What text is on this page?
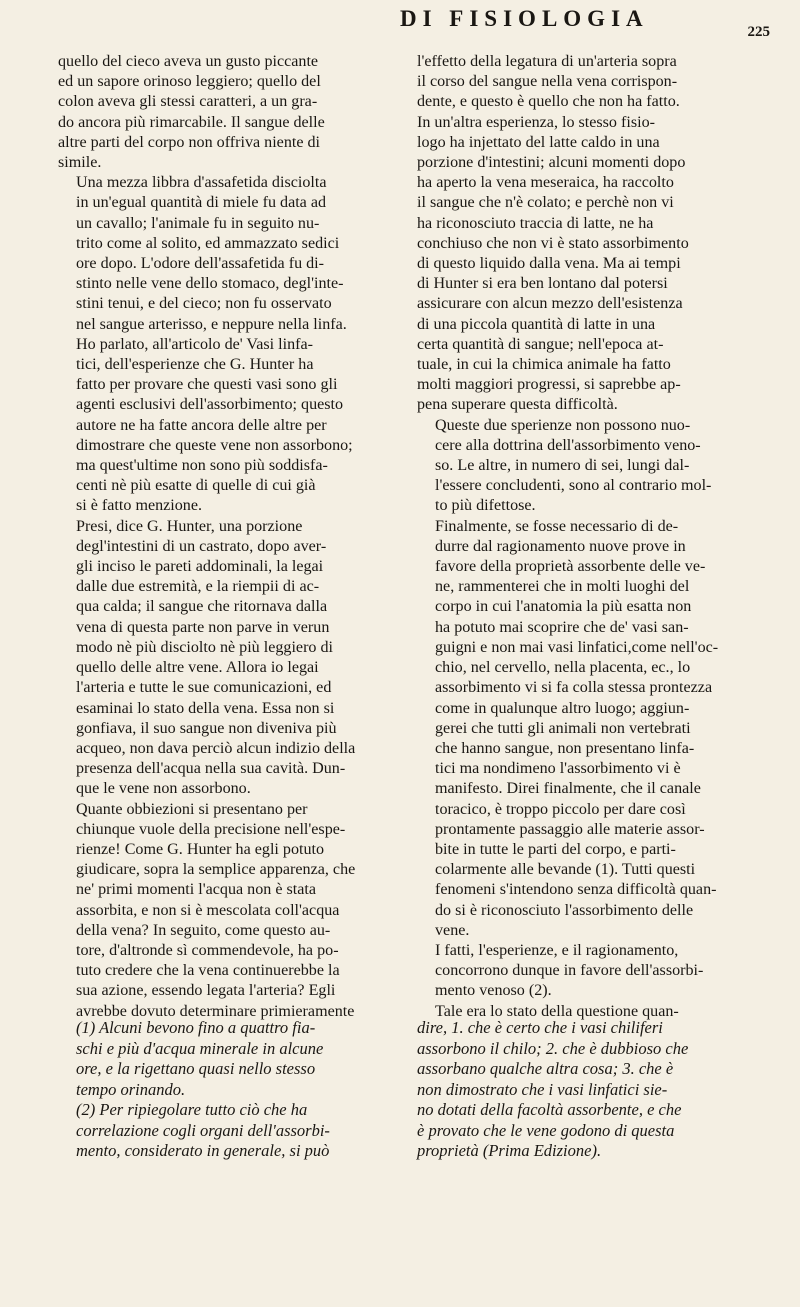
DI FISIOLOGIA
225

quello del cieco aveva un gusto piccante
ed un sapore orinoso leggiero; quello del
colon aveva gli stessi caratteri, a un gra-
do ancora più rimarcabile. Il sangue delle
altre parti del corpo non offriva niente di
simile.

Una mezza libbra d'assafetida disciolta
in un'egual quantità di miele fu data ad
un cavallo; l'animale fu in seguito nu-
trito come al solito, ed ammazzato sedici
ore dopo. L'odore dell'assafetida fu di-
stinto nelle vene dello stomaco, degl'inte-
stini tenui, e del cieco; non fu osservato
nel sangue arterisso, e neppure nella linfa.

Ho parlato, all'articolo de' Vasi linfa-
tici, dell'esperienze che G. Hunter ha
fatto per provare che questi vasi sono gli
agenti esclusivi dell'assorbimento; questo
autore ne ha fatte ancora delle altre per
dimostrare che queste vene non assorbono;
ma quest'ultime non sono più soddisfa-
centi nè più esatte di quelle di cui già
si è fatto menzione.

Presi, dice G. Hunter, una porzione
degl'intestini di un castrato, dopo aver-
gli inciso le pareti addominali, la legai
dalle due estremità, e la riempii di ac-
qua calda; il sangue che ritornava dalla
vena di questa parte non parve in verun
modo nè più disciolto nè più leggiero di
quello delle altre vene. Allora io legai
l'arteria e tutte le sue comunicazioni, ed
esaminai lo stato della vena. Essa non si
gonfiava, il suo sangue non diveniva più
acqueo, non dava perciò alcun indizio della
presenza dell'acqua nella sua cavità. Dun-
que le vene non assorbono.

Quante obbiezioni si presentano per
chiunque vuole della precisione nell'espe-
rienze! Come G. Hunter ha egli potuto
giudicare, sopra la semplice apparenza, che
ne' primi momenti l'acqua non è stata
assorbita, e non si è mescolata coll'acqua
della vena? In seguito, come questo au-
tore, d'altronde sì commendevole, ha po-
tuto credere che la vena continuerebbe la
sua azione, essendo legata l'arteria? Egli
avrebbe dovuto determinare primieramente

l'effetto della legatura di un'arteria sopra
il corso del sangue nella vena corrispon-
dente, e questo è quello che non ha fatto.
In un'altra esperienza, lo stesso fisio-
logo ha injettato del latte caldo in una
porzione d'intestini; alcuni momenti dopo
ha aperto la vena meseraica, ha raccolto
il sangue che n'è colato; e perchè non vi
ha riconosciuto traccia di latte, ne ha
conchiuso che non vi è stato assorbimento
di questo liquido dalla vena. Ma ai tempi
di Hunter si era ben lontano dal potersi
assicurare con alcun mezzo dell'esistenza
di una piccola quantità di latte in una
certa quantità di sangue; nell'epoca at-
tuale, in cui la chimica animale ha fatto
molti maggiori progressi, si saprebbe ap-
pena superare questa difficoltà.

Queste due sperienze non possono nuo-
cere alla dottrina dell'assorbimento veno-
so. Le altre, in numero di sei, lungi dal-
l'essere concludenti, sono al contrario mol-
to più difettose.

Finalmente, se fosse necessario di de-
durre dal ragionamento nuove prove in
favore della proprietà assorbente delle ve-
ne, rammenterei che in molti luoghi del
corpo in cui l'anatomia la più esatta non
ha potuto mai scoprire che de' vasi san-
guigni e non mai vasi linfatici,come nell'oc-
chio, nel cervello, nella placenta, ec., lo
assorbimento vi si fa colla stessa prontezza
come in qualunque altro luogo; aggiun-
gerei che tutti gli animali non vertebrati
che hanno sangue, non presentano linfa-
tici ma nondimeno l'assorbimento vi è
manifesto. Direi finalmente, che il canale
toracico, è troppo piccolo per dare così
prontamente passaggio alle materie assor-
bite in tutte le parti del corpo, e parti-
colarmente alle bevande (1). Tutti questi
fenomeni s'intendono senza difficoltà quan-
do si è riconosciuto l'assorbimento delle
vene.

I fatti, l'esperienze, e il ragionamento,
concorrono dunque in favore dell'assorbi-
mento venoso (2).

Tale era lo stato della questione quan-

(1) Alcuni bevono fino a quattro fia-
schi e più d'acqua minerale in alcune
ore, e la rigettano quasi nello stesso
tempo orinando.

(2) Per ripiegolare tutto ciò che ha
correlazione cogli organi dell'assorbi-
mento, considerato in generale, si può

dire, 1. che è certo che i vasi chiliferi
assorbono il chilo; 2. che è dubbioso che
assorbano qualche altra cosa; 3. che è
non dimostrato che i vasi linfatici sie-
no dotati della facoltà assorbente, e che
è provato che le vene godono di questa
proprietà (Prima Edizione).
